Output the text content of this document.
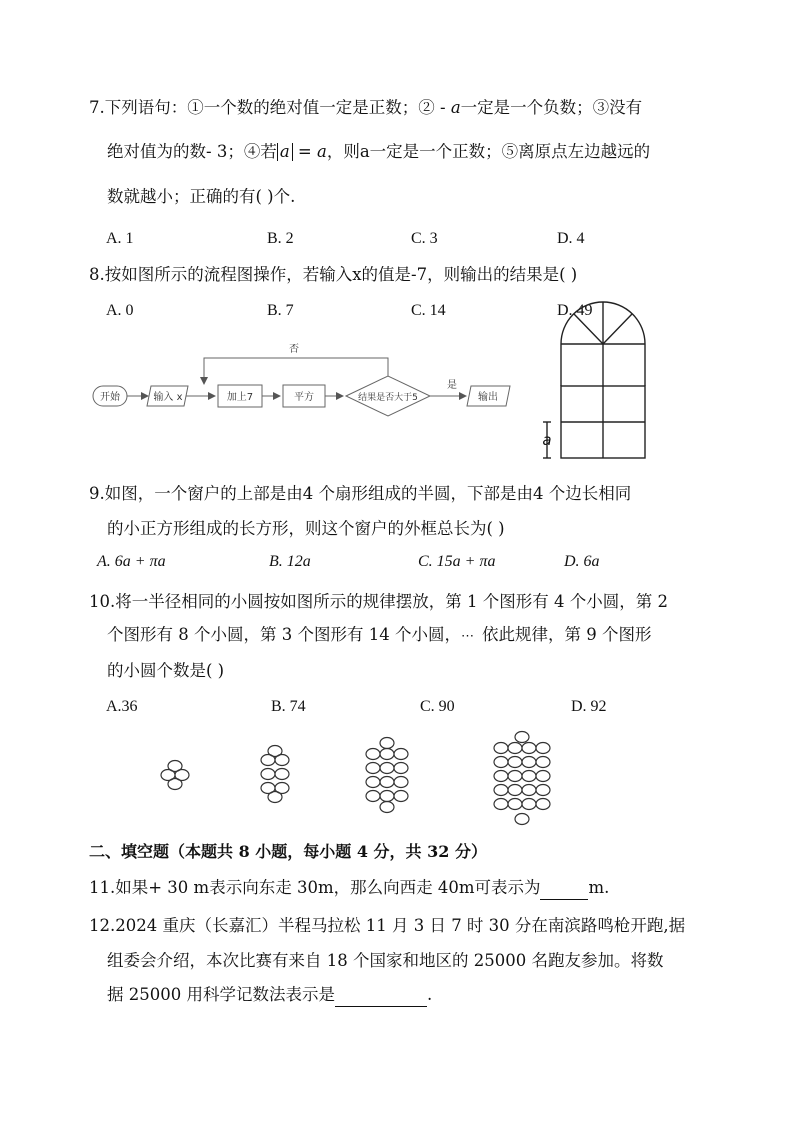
7.下列语句：①一个数的绝对值一定是正数；② - a一定是一个负数；③没有
绝对值为的数- 3；④若 a = a，则a一定是一个正数；⑤离原点左边越远的
数就越小；正确的有( )个.
A. 1	B. 2	C. 3	D. 4
8.按如图所示的流程图操作，若输入x的值是-7，则输出的结果是( )
A. 0	B. 7	C. 14	D. 49
开始	输入 x	加上7	平方	结果是否大于5	输出
是
否
a
9.如图，一个窗户的上部是由4 个扇形组成的半圆，下部是由4 个边长相同
的小正方形组成的长方形，则这个窗户的外框总长为( )
A. 6a + πa	B. 12a	C. 15a + πa	D. 6a
10.将一半径相同的小圆按如图所示的规律摆放，第 1 个图形有 4 个小圆，第 2
个图形有 8 个小圆，第 3 个图形有 14 个小圆，⋯ 依此规律，第 9 个图形
的小圆个数是( )
A.36	B. 74	C. 90	D. 92
二、填空题（本题共 8 小题，每小题 4 分，共 32 分）
11.如果+ 30 m表示向东走 30m，那么向西走 40m可表示为	m.
12.2024 重庆（长嘉汇）半程马拉松 11 月 3 日 7 时 30 分在南滨路鸣枪开跑,据
组委会介绍，本次比赛有来自 18 个国家和地区的 25000 名跑友参加。将数
据 25000 用科学记数法表示是	.
